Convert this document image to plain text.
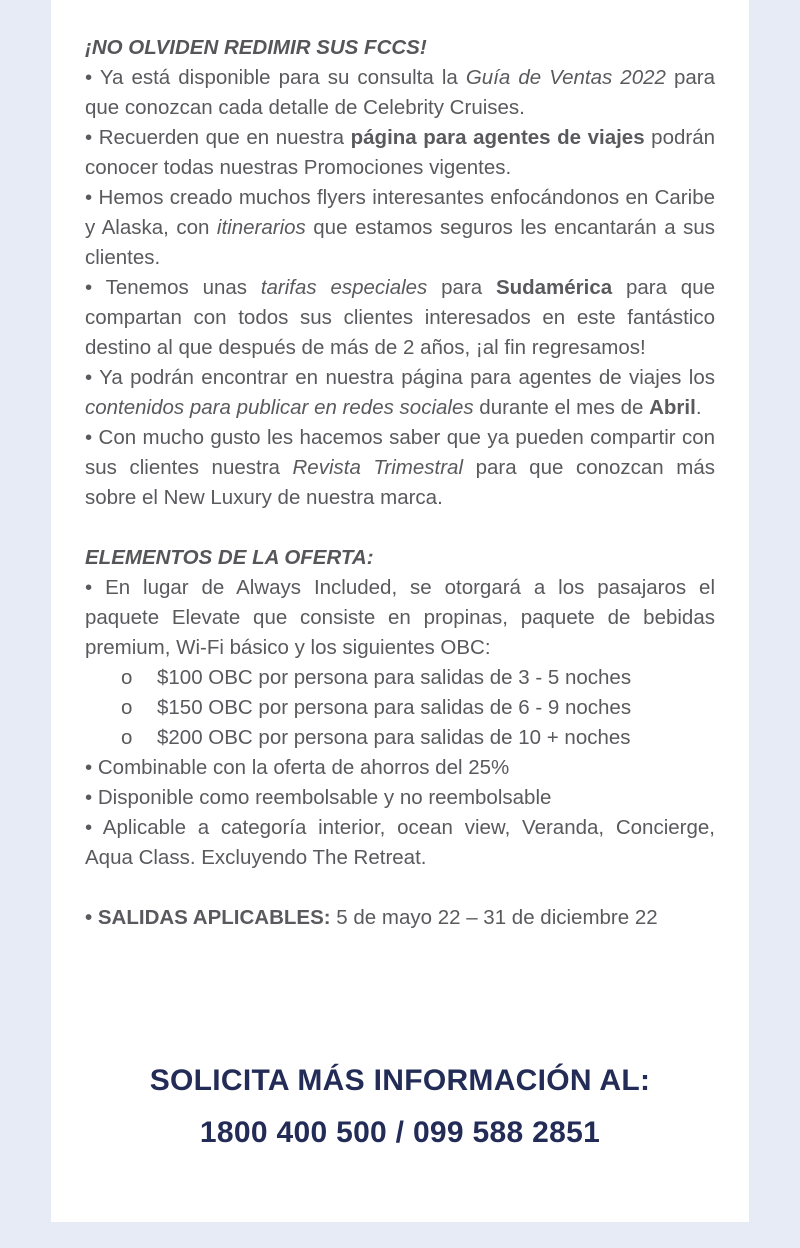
¡NO OLVIDEN REDIMIR SUS FCCS!

• Ya está disponible para su consulta la Guía de Ventas 2022 para que conozcan cada detalle de Celebrity Cruises.

• Recuerden que en nuestra página para agentes de viajes podrán conocer todas nuestras Promociones vigentes.

• Hemos creado muchos flyers interesantes enfocándonos en Caribe y Alaska, con itinerarios que estamos seguros les encantarán a sus clientes.

• Tenemos unas tarifas especiales para Sudamérica para que compartan con todos sus clientes interesados en este fantástico destino al que después de más de 2 años, ¡al fin regresamos!

• Ya podrán encontrar en nuestra página para agentes de viajes los contenidos para publicar en redes sociales durante el mes de Abril.

• Con mucho gusto les hacemos saber que ya pueden compartir con sus clientes nuestra Revista Trimestral para que conozcan más sobre el New Luxury de nuestra marca.

ELEMENTOS DE LA OFERTA:

• En lugar de Always Included, se otorgará a los pasajaros el paquete Elevate que consiste en propinas, paquete de bebidas premium, Wi-Fi básico y los siguientes OBC:

o $100 OBC por persona para salidas de 3 - 5 noches

o $150 OBC por persona para salidas de 6 - 9 noches

o $200 OBC por persona para salidas de 10 + noches

• Combinable con la oferta de ahorros del 25%

• Disponible como reembolsable y no reembolsable

• Aplicable a categoría interior, ocean view, Veranda, Concierge, Aqua Class. Excluyendo The Retreat.

• SALIDAS APLICABLES: 5 de mayo 22 – 31 de diciembre 22

SOLICITA MÁS INFORMACIÓN AL:
1800 400 500 / 099 588 2851
